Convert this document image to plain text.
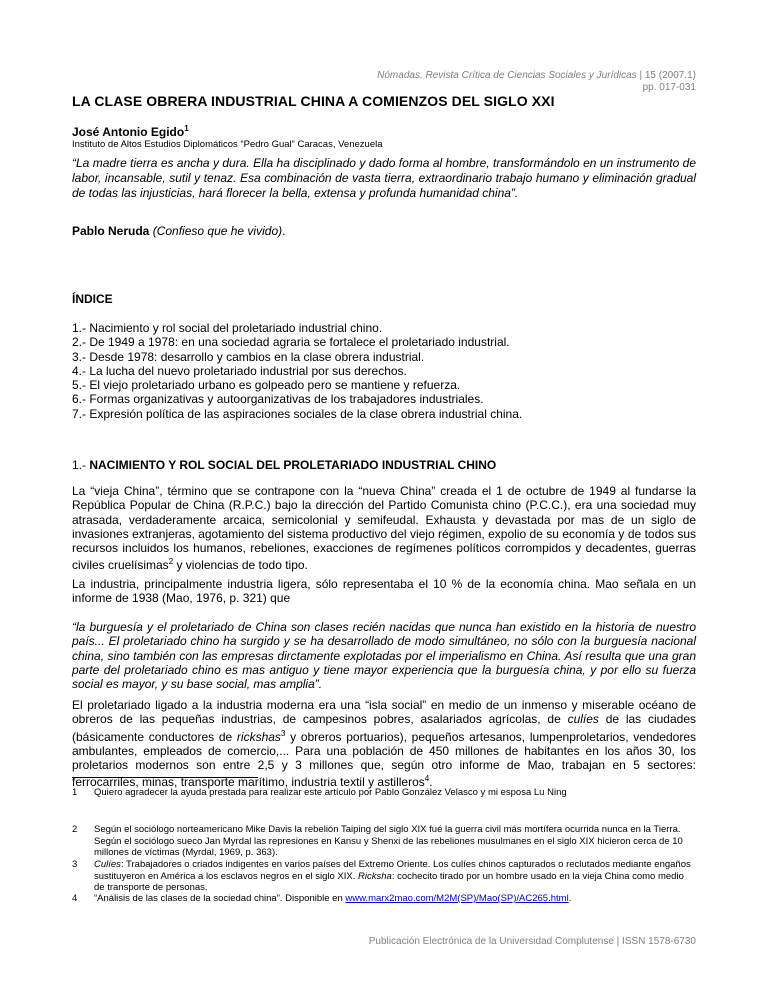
Nómadas. Revista Crítica de Ciencias Sociales y Jurídicas | 15 (2007.1)
pp. 017-031
LA CLASE OBRERA INDUSTRIAL CHINA A COMIENZOS DEL SIGLO XXI
José Antonio Egido$^1$
Instituto de Altos Estudios Diplomáticos “Pedro Gual” Caracas, Venezuela
“La madre tierra es ancha y dura. Ella ha disciplinado y dado forma al hombre, transformándolo en un instrumento de labor, incansable, sutil y tenaz. Esa combinación de vasta tierra, extraordinario trabajo humano y eliminación gradual de todas las injusticias, hará florecer la bella, extensa y profunda humanidad china”.
Pablo Neruda (Confieso que he vivido).
ÍNDICE
1.- Nacimiento y rol social del proletariado industrial chino.
2.- De 1949 a 1978: en una sociedad agraria se fortalece el proletariado industrial.
3.- Desde 1978: desarrollo y cambios en la clase obrera industrial.
4.- La lucha del nuevo proletariado industrial por sus derechos.
5.- El viejo proletariado urbano es golpeado pero se mantiene y refuerza.
6.- Formas organizativas y autoorganizativas de los trabajadores industriales.
7.- Expresión política de las aspiraciones sociales de la clase obrera industrial china.
1.- NACIMIENTO Y ROL SOCIAL DEL PROLETARIADO INDUSTRIAL CHINO
La “vieja China”, término que se contrapone con la “nueva China” creada el 1 de octubre de 1949 al fundarse la República Popular de China (R.P.C.) bajo la dirección del Partido Comunista chino (P.C.C.), era una sociedad muy atrasada, verdaderamente arcaica, semicolonial y semifeudal. Exhausta y devastada por mas de un siglo de invasiones extranjeras, agotamiento del sistema productivo del viejo régimen, expolio de su economía y de todos sus recursos incluidos los humanos, rebeliones, exacciones de regímenes políticos corrompidos y decadentes, guerras civiles cruelísimas$^2$ y violencias de todo tipo.
La industria, principalmente industria ligera, sólo representaba el 10 % de la economía china. Mao señala en un informe de 1938 (Mao, 1976, p. 321) que
“la burguesía y el proletariado de China son clases recién nacidas que nunca han existido en la historia de nuestro país... El proletariado chino ha surgido y se ha desarrollado de modo simultáneo, no sólo con la burguesía nacional china, sino también con las empresas dirctamente explotadas por el imperialismo en China. Así resulta que una gran parte del proletariado chino es mas antiguo y tiene mayor experiencia que la burguesía china, y por ello su fuerza social es mayor, y su base social, mas amplia”.
El proletariado ligado a la industria moderna era una “isla social” en medio de un inmenso y miserable océano de obreros de las pequeñas industrias, de campesinos pobres, asalariados agrícolas, de culíes de las ciudades (básicamente conductores de rickshas$^3$ y obreros portuarios), pequeños artesanos, lumpenproletarios, vendedores ambulantes, empleados de comercio,... Para una población de 450 millones de habitantes en los años 30, los proletarios modernos son entre 2,5 y 3 millones que, según otro informe de Mao, trabajan en 5 sectores: ferrocarriles, minas, transporte marítimo, industria textil y astilleros$^4$.
1 Quiero agradecer la ayuda prestada para realizar este artículo por Pablo González Velasco y mi esposa Lu Ning
2 Según el sociólogo norteamericano Mike Davis la rebelión Taiping del siglo XIX fué la guerra civil más mortífera ocurrida nunca en la Tierra. Según el sociólogo sueco Jan Myrdal las represiones en Kansu y Shenxi de las rebeliones musulmanes en el siglo XIX hicieron cerca de 10 millones de víctimas (Myrdal, 1969, p. 363).
3 Culíes: Trabajadores o criados indigentes en varios países del Extremo Oriente. Los culíes chinos capturados o reclutados mediante engaños sustituyeron en América a los esclavos negros en el siglo XIX. Ricksha: cochecito tirado por un hombre usado en la vieja China como medio de transporte de personas.
4 “Análisis de las clases de la sociedad china”. Disponible en www.marx2mao.com/M2M(SP)/Mao(SP)/AC265.html.
Publicación Electrónica de la Universidad Complutense | ISSN 1578-6730
